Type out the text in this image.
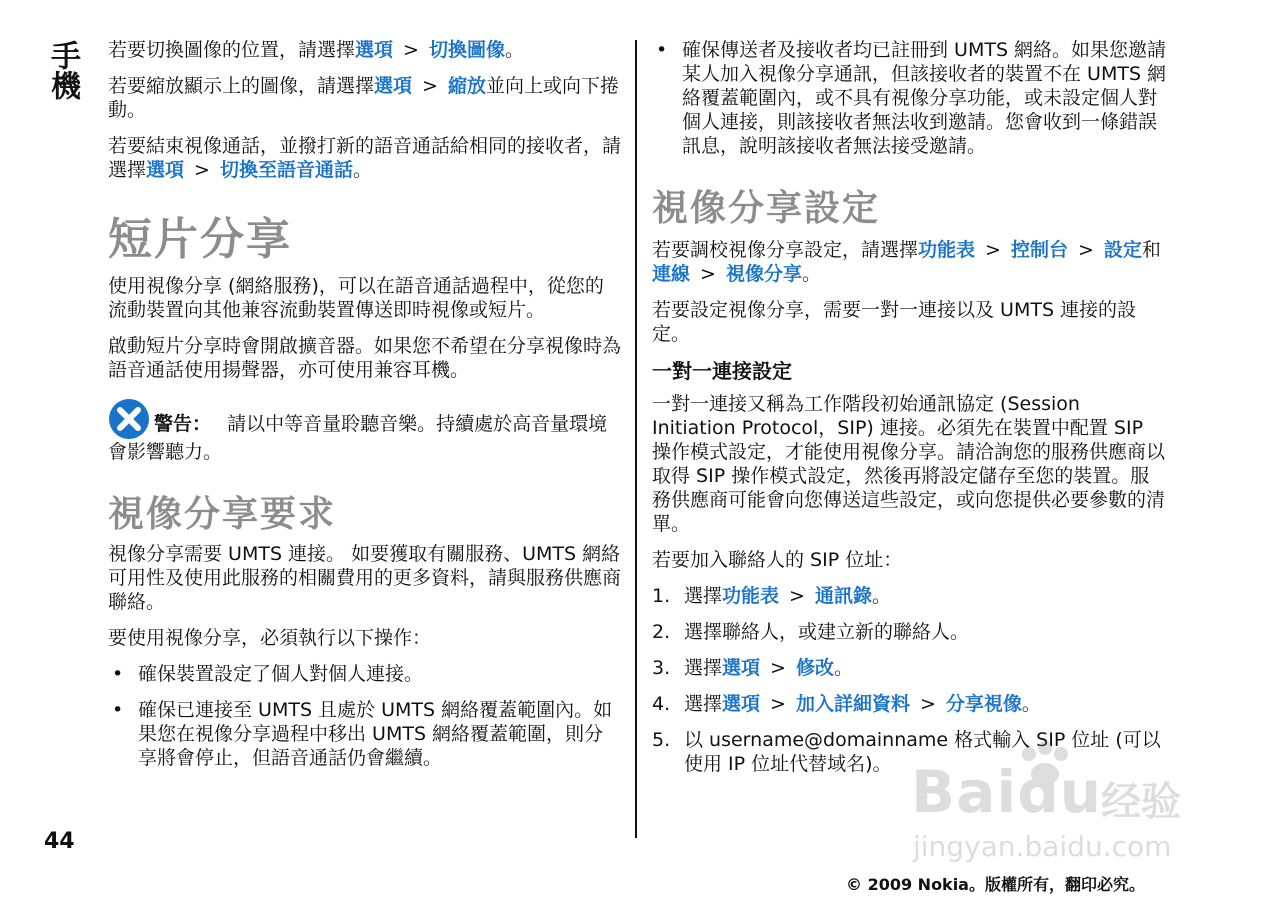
手機
44

若要切換圖像的位置，請選擇選項 > 切換圖像。

若要縮放顯示上的圖像，請選擇選項 > 縮放並向上或向下捲動。

若要結束視像通話，並撥打新的語音通話給相同的接收者，請選擇選項 > 切換至語音通話。

短片分享

使用視像分享 (網絡服務)，可以在語音通話過程中，從您的流動裝置向其他兼容流動裝置傳送即時視像或短片。

啟動短片分享時會開啟擴音器。如果您不希望在分享視像時為語音通話使用揚聲器，亦可使用兼容耳機。

警告： 請以中等音量聆聽音樂。持續處於高音量環境會影響聽力。

視像分享要求

視像分享需要 UMTS 連接。 如要獲取有關服務、UMTS 網絡可用性及使用此服務的相關費用的更多資料，請與服務供應商聯絡。

要使用視像分享，必須執行以下操作：

• 確保裝置設定了個人對個人連接。
• 確保已連接至 UMTS 且處於 UMTS 網絡覆蓋範圍內。如果您在視像分享過程中移出 UMTS 網絡覆蓋範圍，則分享將會停止，但語音通話仍會繼續。
• 確保傳送者及接收者均已註冊到 UMTS 網絡。如果您邀請某人加入視像分享通訊，但該接收者的裝置不在 UMTS 網絡覆蓋範圍內，或不具有視像分享功能，或未設定個人對個人連接，則該接收者無法收到邀請。您會收到一條錯誤訊息，說明該接收者無法接受邀請。
視像分享設定

若要調校視像分享設定，請選擇功能表 > 控制台 > 設定和連線 > 視像分享。

若要設定視像分享，需要一對一連接以及 UMTS 連接的設定。

一對一連接設定

一對一連接又稱為工作階段初始通訊協定 (Session Initiation Protocol，SIP) 連接。必須先在裝置中配置 SIP 操作模式設定，才能使用視像分享。請洽詢您的服務供應商以取得 SIP 操作模式設定，然後再將設定儲存至您的裝置。服務供應商可能會向您傳送這些設定，或向您提供必要參數的清單。

若要加入聯絡人的 SIP 位址：

1. 選擇功能表 > 通訊錄。
2. 選擇聯絡人，或建立新的聯絡人。
3. 選擇選項 > 修改。
4. 選擇選項 > 加入詳細資料 > 分享視像。
5. 以 username@domainname 格式輸入 SIP 位址 (可以使用 IP 位址代替域名)。 Baidu
经验
jingyan.baidu.com
© 2009 Nokia。版權所有，翻印必究。
